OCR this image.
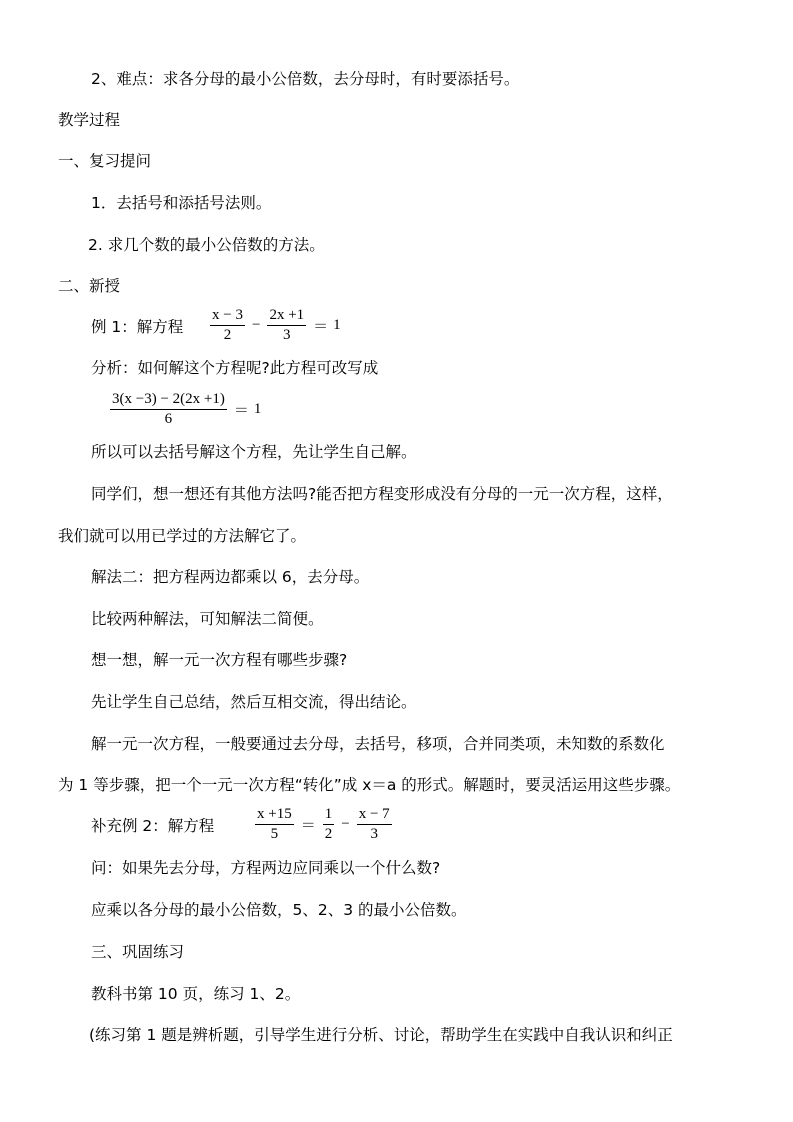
2、难点：求各分母的最小公倍数，去分母时，有时要添括号。
教学过程
一、复习提问
1．去括号和添括号法则。
2. 求几个数的最小公倍数的方法。
二、新授
例 1：解方程 $\frac{x - 3}{2} - \frac{2x +1}{3} = 1$
分析：如何解这个方程呢?此方程可改写成
$\frac{3(x -3) - 2(2x +1)}{6} = 1$
所以可以去括号解这个方程，先让学生自己解。
同学们，想一想还有其他方法吗?能否把方程变形成没有分母的一元一次方程，这样，
我们就可以用已学过的方法解它了。
解法二：把方程两边都乘以 6，去分母。
比较两种解法，可知解法二简便。
想一想，解一元一次方程有哪些步骤?
先让学生自己总结，然后互相交流，得出结论。
解一元一次方程，一般要通过去分母，去括号，移项，合并同类项，未知数的系数化
为 1 等步骤，把一个一元一次方程“转化”成 x＝a 的形式。解题时，要灵活运用这些步骤。
补充例 2：解方程	$\frac{x +15}{5} = \frac{1}{2} - \frac{x - 7}{3}$
问：如果先去分母，方程两边应同乘以一个什么数?
应乘以各分母的最小公倍数，5、2、3 的最小公倍数。
三、巩固练习
教科书第 10 页，练习 1、2。
(练习第 1 题是辨析题，引导学生进行分析、讨论，帮助学生在实践中自我认识和纠正
